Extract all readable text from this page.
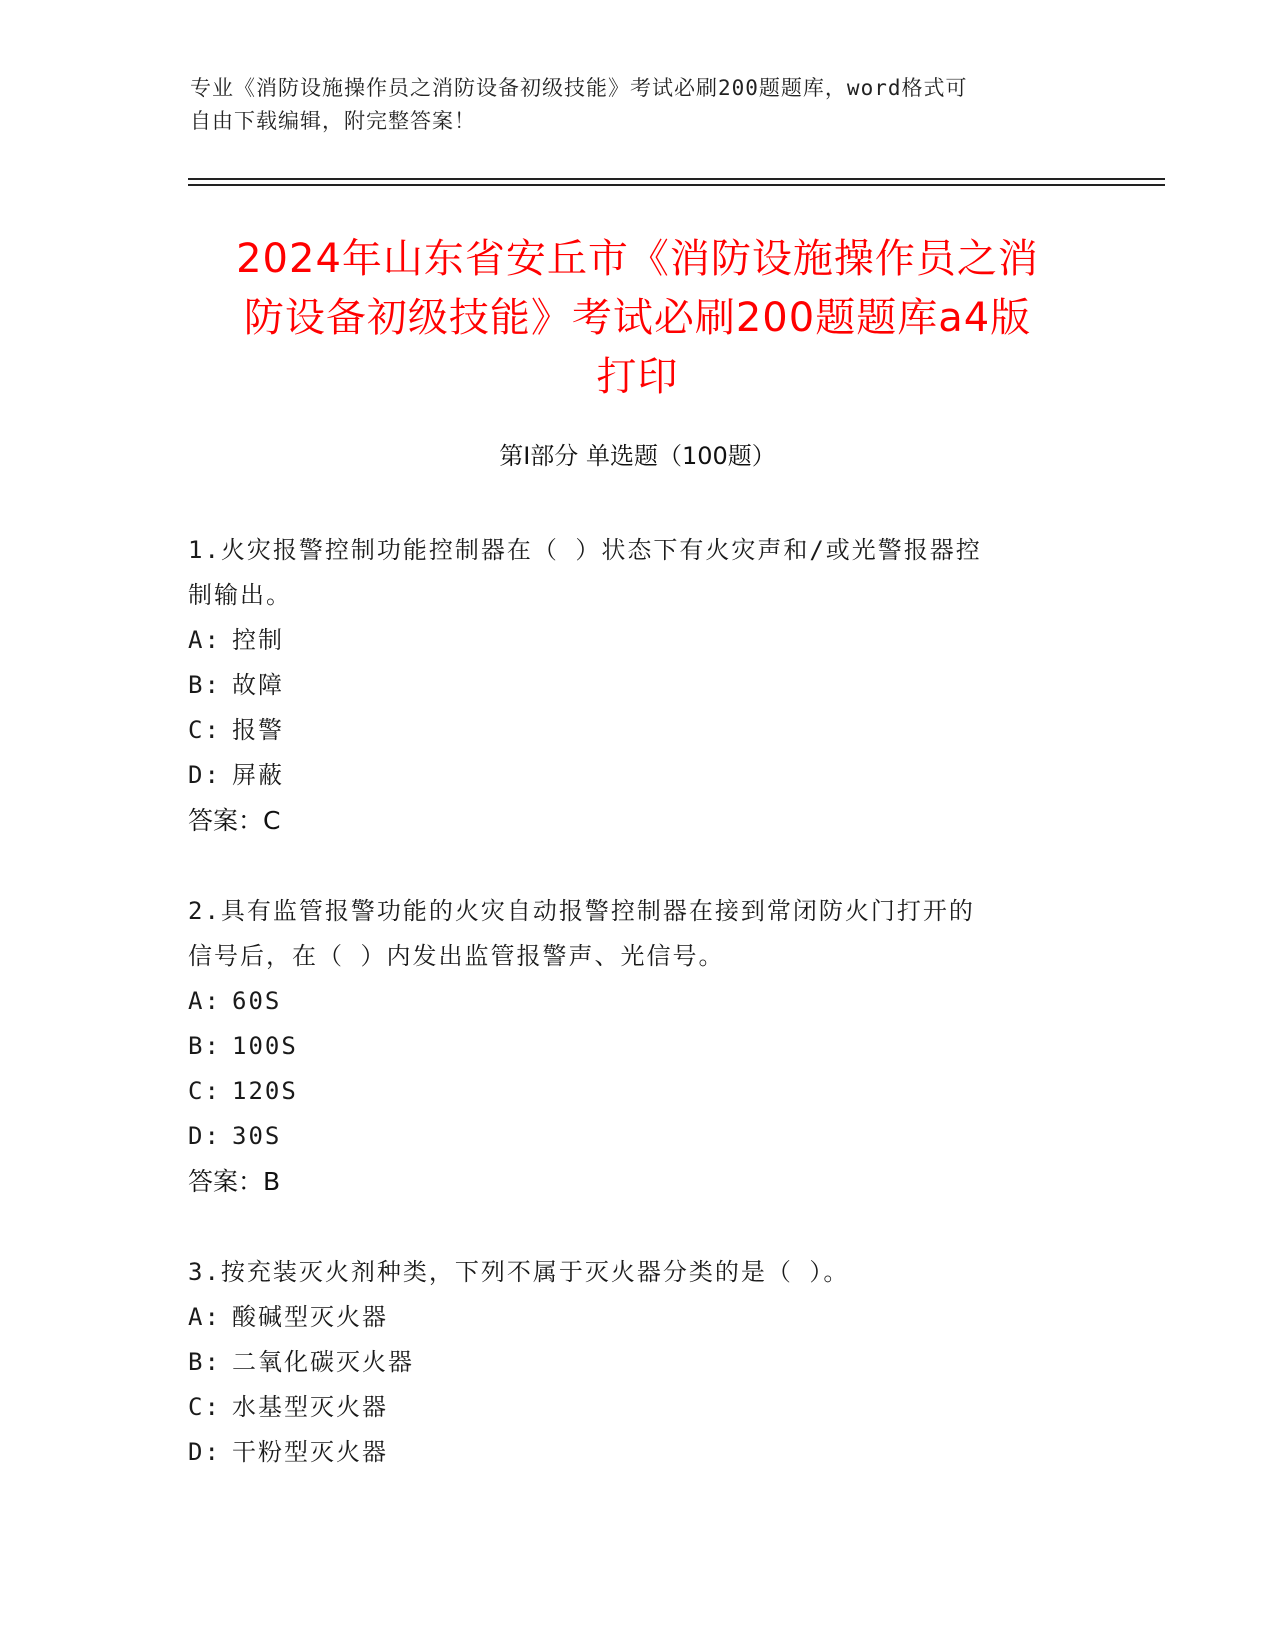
专业《消防设施操作员之消防设备初级技能》考试必刷200题题库，word格式可
自由下载编辑，附完整答案！
2024年山东省安丘市《消防设施操作员之消
防设备初级技能》考试必刷200题题库a4版
打印
第Ⅰ部分 单选题（100题）
1.火灾报警控制功能控制器在（ ）状态下有火灾声和/或光警报器控
制输出。
A: 控制
B: 故障
C: 报警
D: 屏蔽
答案：C
2.具有监管报警功能的火灾自动报警控制器在接到常闭防火门打开的
信号后，在（ ）内发出监管报警声、光信号。
A: 60S
B: 100S
C: 120S
D: 30S
答案：B
3.按充装灭火剂种类，下列不属于灭火器分类的是（ ）。
A: 酸碱型灭火器
B: 二氧化碳灭火器
C: 水基型灭火器
D: 干粉型灭火器
